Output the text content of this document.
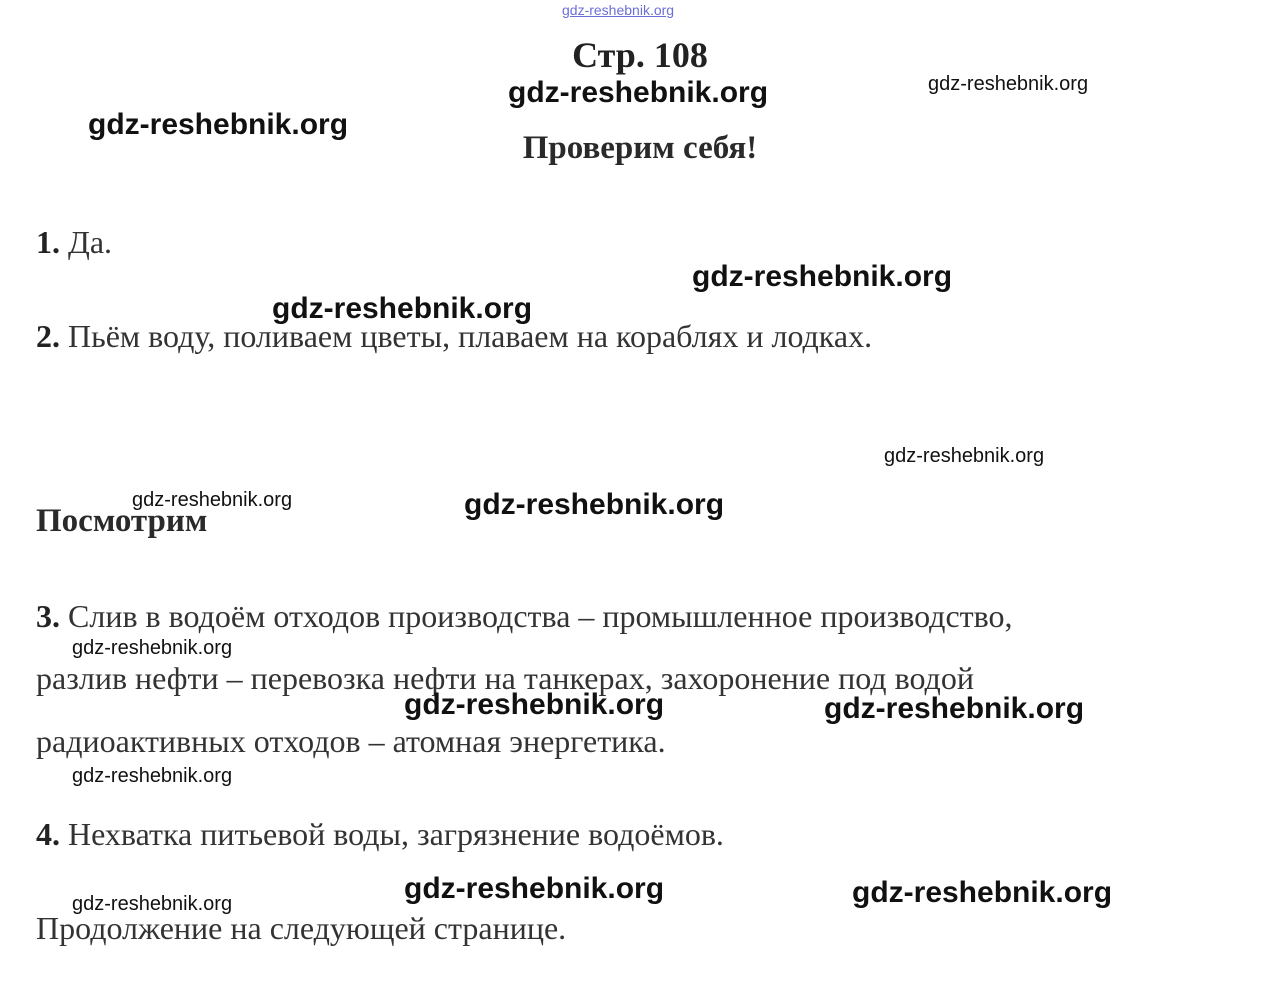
gdz-reshebnik.org
Стр. 108
gdz-reshebnik.org	gdz-reshebnik.org
gdz-reshebnik.org
Проверим себя!
1. Да.
gdz-reshebnik.org
2. Пьём воду, поливаем цветы, плаваем на кораблях и лодках.
gdz-reshebnik.org
gdz-reshebnik.org
Посмотрим
gdz-reshebnik.org	gdz-reshebnik.org
3. Слив в водоём отходов производства – промышленное производство,
gdz-reshebnik.org
разлив нефти – перевозка нефти на танкерах, захоронение под водой
gdz-reshebnik.org	gdz-reshebnik.org
радиоактивных отходов – атомная энергетика.
gdz-reshebnik.org
4. Нехватка питьевой воды, загрязнение водоёмов.
gdz-reshebnik.org	gdz-reshebnik.org
gdz-reshebnik.org
Продолжение на следующей странице.
